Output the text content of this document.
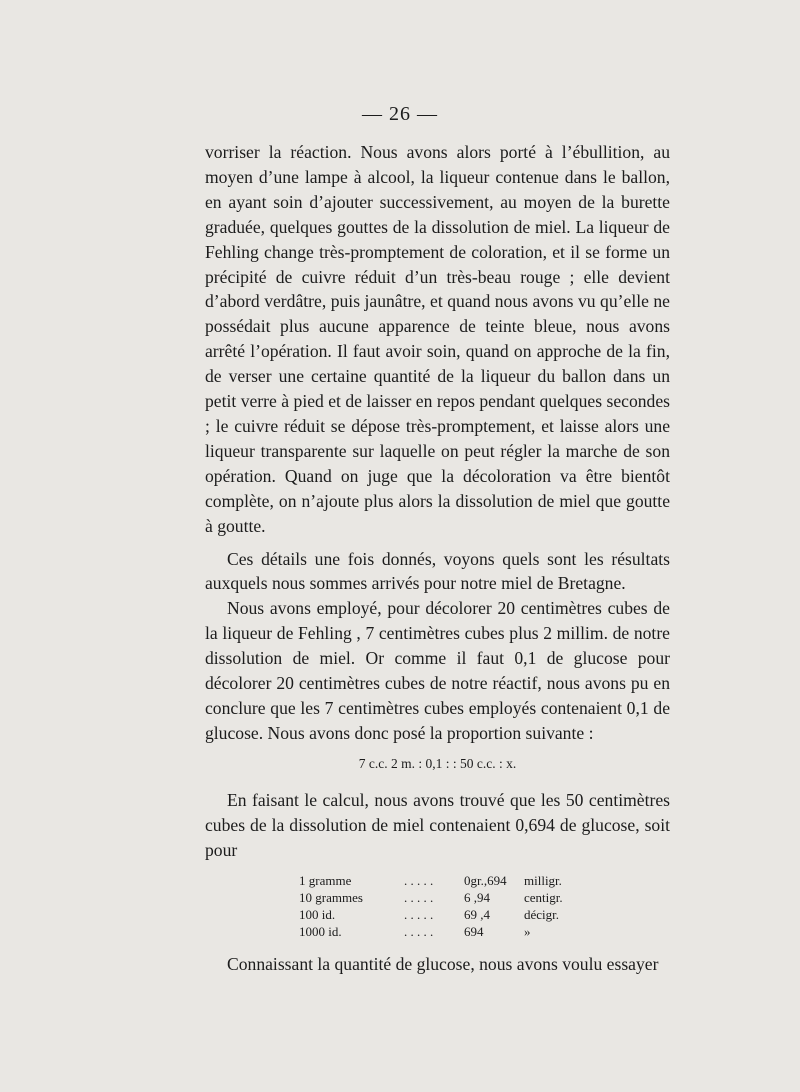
— 26 —

vorriser la réaction. Nous avons alors porté à l’ébullition, au moyen d’une lampe à alcool, la liqueur contenue dans le ballon, en ayant soin d’ajouter successivement, au moyen de la burette graduée, quelques gouttes de la dissolution de miel. La liqueur de Fehling change très-promptement de coloration, et il se forme un précipité de cuivre réduit d’un très-beau rouge ; elle devient d’abord verdâtre, puis jaunâtre, et quand nous avons vu qu’elle ne possédait plus aucune apparence de teinte bleue, nous avons arrêté l’opération. Il faut avoir soin, quand on approche de la fin, de verser une certaine quantité de la liqueur du ballon dans un petit verre à pied et de laisser en repos pendant quelques secondes ; le cuivre réduit se dépose très-promptement, et laisse alors une liqueur transparente sur laquelle on peut régler la marche de son opération. Quand on juge que la décoloration va être bientôt complète, on n’ajoute plus alors la dissolution de miel que goutte à goutte.

Ces détails une fois donnés, voyons quels sont les résultats auxquels nous sommes arrivés pour notre miel de Bretagne.

Nous avons employé, pour décolorer 20 centimètres cubes de la liqueur de Fehling , 7 centimètres cubes plus 2 millim. de notre dissolution de miel. Or comme il faut 0,1 de glucose pour décolorer 20 centimètres cubes de notre réactif, nous avons pu en conclure que les 7 centimètres cubes employés contenaient 0,1 de glucose. Nous avons donc posé la proportion suivante :

7 c.c. 2 m. : 0,1 : : 50 c.c. : x.

En faisant le calcul, nous avons trouvé que les 50 centimètres cubes de la dissolution de miel contenaient 0,694 de glucose, soit pour

1 gramme	. . . . .	0gr.,694	milligr.
10 grammes	. . . . .	6 ,94	centigr.
100 id.	. . . . .	69 ,4	décigr.
1000 id.	. . . . .	694	»

Connaissant la quantité de glucose, nous avons voulu essayer
